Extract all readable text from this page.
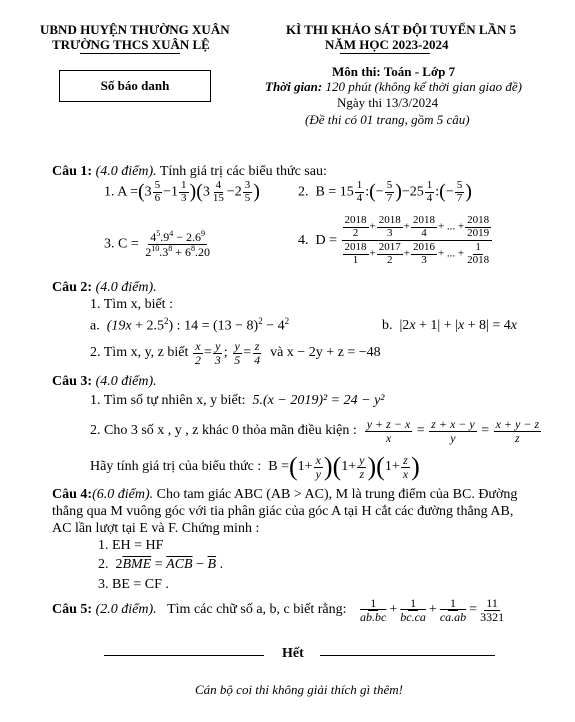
UBND HUYỆN THƯỜNG XUÂN
TRƯỜNG THCS XUÂN LỆ
KÌ THI KHẢO SÁT ĐỘI TUYỂN LẦN 5
NĂM HỌC 2023-2024
Số báo danh
Môn thi: Toán - Lớp 7
Thời gian: 120 phút (không kể thời gian giao đề)
Ngày thi 13/3/2024
(Đề thi có 01 trang, gồm 5 câu)
Câu 1: (4.0 điểm). Tính giá trị các biểu thức sau:
1. $A =(3 \frac{5}{6} -1 \frac{1}{3} )(3 \frac{4}{15} -2 \frac{3}{5}$ )	2.  $B = 15 \frac{1}{4}$ :(− $\frac{5}{7} )-25 \frac{1}{4}$ :(− $\frac{5}{7}$ )
3. $C = \frac{4^5.9^4 - 2.6^9}{2^{10}.3^8 + 6^8.20}$	4.  $D = \frac{\frac{2018}{2} + \frac{2018}{3} + \frac{2018}{4} + ... + \frac{2018}{2019}}{\frac{2018}{1} + \frac{2017}{2} + \frac{2016}{3} + ... + \frac{1}{2018}}$
Câu 2: (4.0 điểm).
1. Tìm x, biết :
a.  $(19x + 2.5^2)$ : $14 = (13 - 8)^2 - 4^2$	b.  |2x + 1| + |x + 8| = 4x
2. Tìm x, y, z biết
$\frac{x}{2} = \frac{y}{3}$ ; $\frac{y}{5} = \frac{z}{4}$
và x − 2y + z = −48
Câu 3: (4.0 điểm).
1. Tìm số tự nhiên x, y biết: 5.(x − 2019)² = 24 − y²
2. Cho 3 số x , y , z khác 0 thỏa mãn điều kiện :
$\frac{y + z - x}{x} = \frac{z + x - y}{y} = \frac{x + y - z}{z}$
Hãy tính giá trị của biểu thức : B = ( $1+ \frac{x}{y}$ ) ( $1+ \frac{y}{z}$ ) ( $1+ \frac{z}{x}$ )
Câu 4:(6.0 điểm). Cho tam giác ABC (AB > AC), M là trung điểm của BC. Đường
thẳng qua M vuông góc với tia phân giác của góc A tại H cắt các đường thẳng AB,
AC lần lượt tại E và F. Chứng minh :
1. EH = HF
2.  $2\overline{BME} = \overline{ACB} - \overline{B}$ .
3. BE = CF .
Câu 5:
(2.0 điểm).
Tìm các chữ số a, b, c biết rằng:
$\frac{1}{ab.bc} + \frac{1}{bc.ca} + \frac{1}{ca.ab} = \frac{11}{3321}$
Hết
Cán bộ coi thi không giải thích gì thêm!
